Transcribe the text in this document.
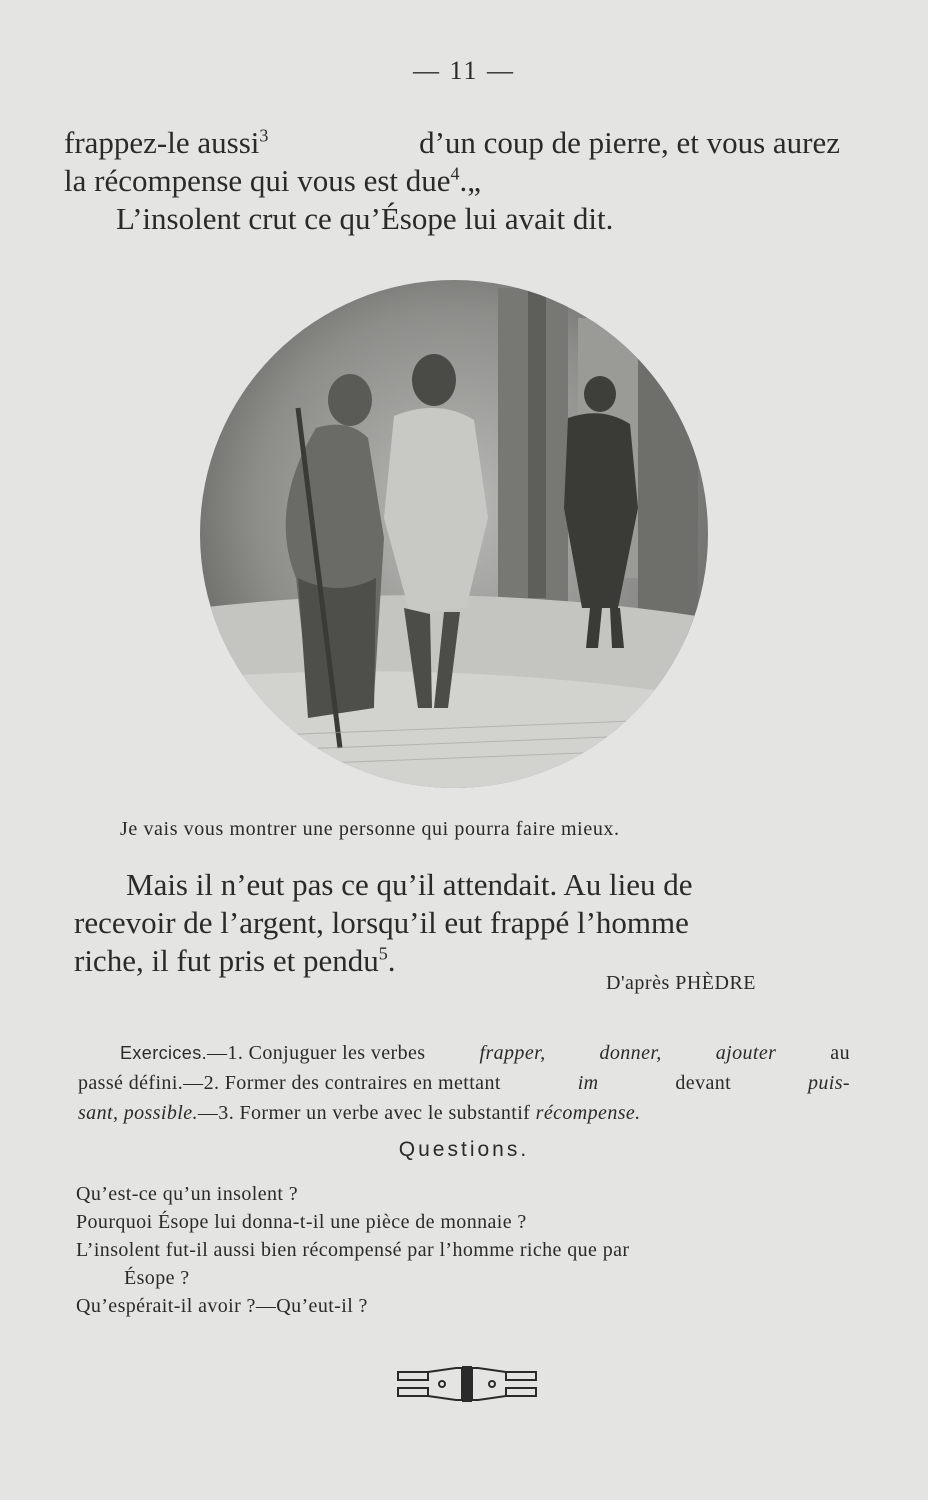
— 11 —
frappez-le aussi$^3$	d’un coup de pierre, et vous aurez
la récompense qui vous est due$^4$.„
L’insolent crut ce qu’Ésope lui avait dit.
Je vais vous montrer une personne qui pourra faire mieux.
Mais il n’eut pas ce qu’il attendait. Au lieu de
recevoir de l’argent, lorsqu’il eut frappé l’homme
riche, il fut pris et pendu$^5$.
D'après PHÈDRE
Exercices.—1. Conjuguer les verbes	frapper,	donner,	ajouter	au
passé défini.—2. Former des contraires en mettant	im	devant	puis-
sant, possible.—3. Former un verbe avec le substantif récompense.
Questions.
Qu’est-ce qu’un insolent ?
Pourquoi Ésope lui donna-t-il une pièce de monnaie ?
L’insolent fut-il aussi bien récompensé par l’homme riche que par
Ésope ?
Qu’espérait-il avoir ?—Qu’eut-il ?
